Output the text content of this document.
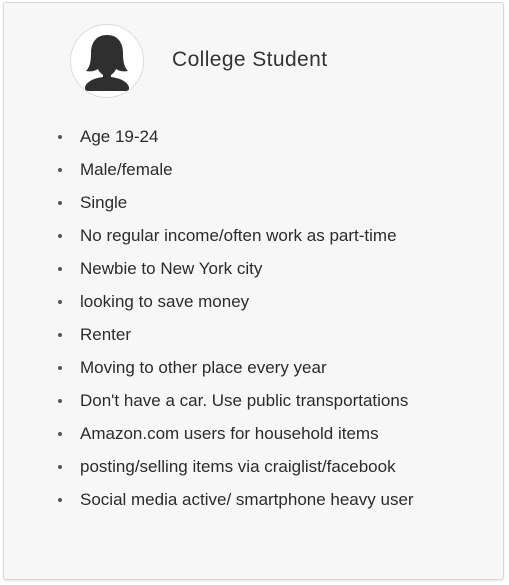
College Student
Age 19-24
Male/female
Single
No regular income/often work as part-time
Newbie to New York city
looking to save money
Renter
Moving to other place every year
Don't have a car. Use public transportations
Amazon.com users for household items
posting/selling items via craiglist/facebook
Social media active/ smartphone heavy user
